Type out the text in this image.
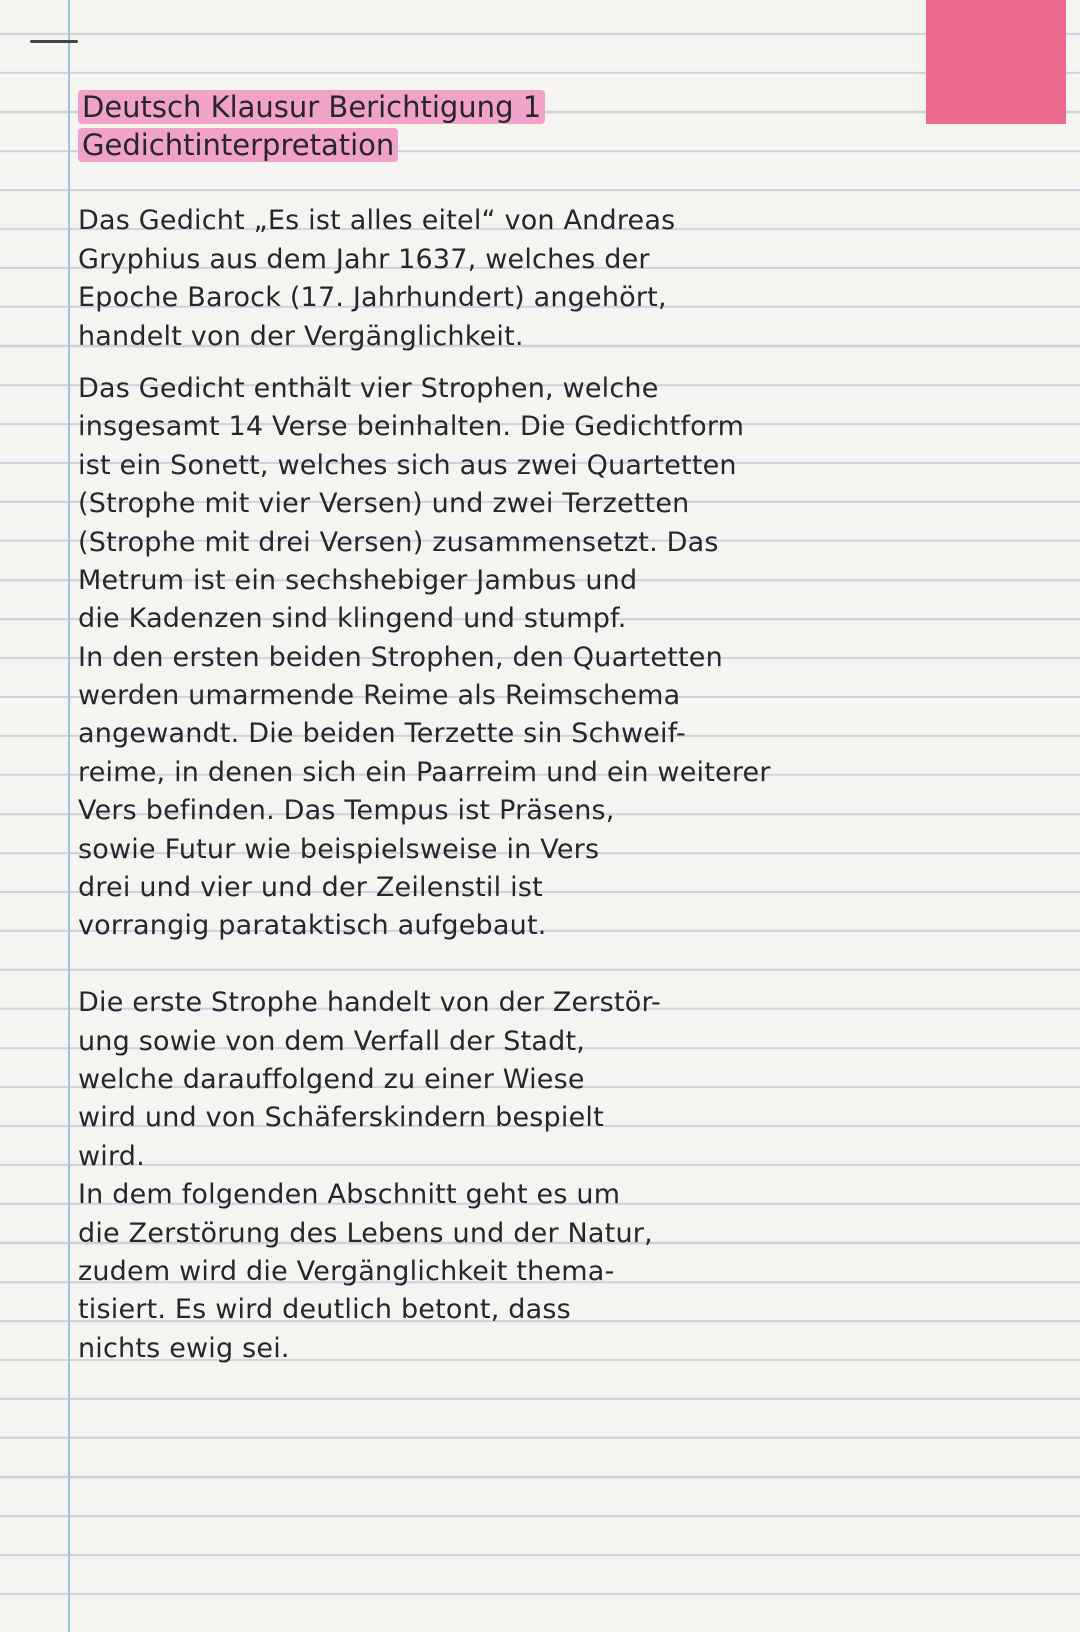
Deutsch Klausur Berichtigung 1
Gedichtinterpretation
Das Gedicht „Es ist alles eitel“ von Andreas
Gryphius aus dem Jahr 1637, welches der
Epoche Barock (17. Jahrhundert) angehört,
handelt von der Vergänglichkeit.
Das Gedicht enthält vier Strophen, welche
insgesamt 14 Verse beinhalten. Die Gedichtform
ist ein Sonett, welches sich aus zwei Quartetten
(Strophe mit vier Versen) und zwei Terzetten
(Strophe mit drei Versen) zusammensetzt. Das
Metrum ist ein sechshebiger Jambus und
die Kadenzen sind klingend und stumpf.
In den ersten beiden Strophen, den Quartetten
werden umarmende Reime als Reimschema
angewandt. Die beiden Terzette sin Schweif-
reime, in denen sich ein Paarreim und ein weiterer
Vers befinden. Das Tempus ist Präsens,
sowie Futur wie beispielsweise in Vers
drei und vier und der Zeilenstil ist
vorrangig parataktisch aufgebaut.
Die erste Strophe handelt von der Zerstör-
ung sowie von dem Verfall der Stadt,
welche darauffolgend zu einer Wiese
wird und von Schäferskindern bespielt
wird.
In dem folgenden Abschnitt geht es um
die Zerstörung des Lebens und der Natur,
zudem wird die Vergänglichkeit thema-
tisiert. Es wird deutlich betont, dass
nichts ewig sei.
